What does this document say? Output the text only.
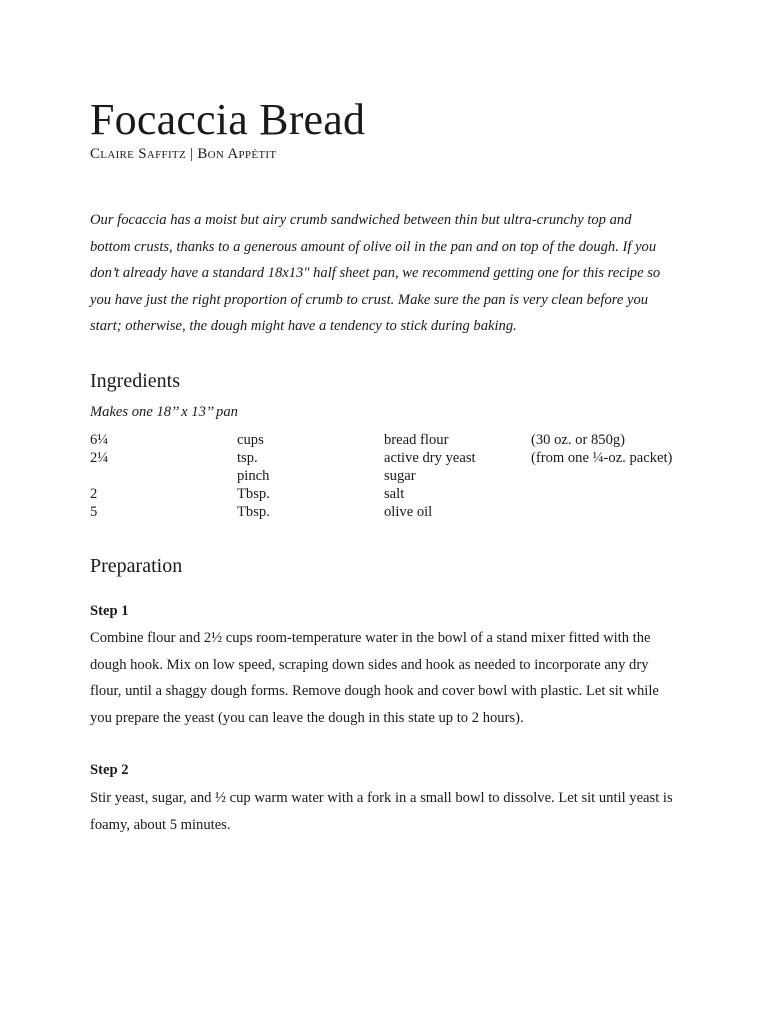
Focaccia Bread
Claire Saffitz | Bon Appétit

Our focaccia has a moist but airy crumb sandwiched between thin but ultra-crunchy top and bottom crusts, thanks to a generous amount of olive oil in the pan and on top of the dough. If you don’t already have a standard 18x13" half sheet pan, we recommend getting one for this recipe so you have just the right proportion of crumb to crust. Make sure the pan is very clean before you start; otherwise, the dough might have a tendency to stick during baking.

Ingredients
Makes one 18’’ x 13’’ pan
6¼	cups	bread flour	(30 oz. or 850g)
2¼	tsp.	active dry yeast	(from one ¼-oz. packet)
	pinch	sugar	
2	Tbsp.	salt	
5	Tbsp.	olive oil	
Preparation
Step 1

Combine flour and 2½ cups room-temperature water in the bowl of a stand mixer fitted with the dough hook. Mix on low speed, scraping down sides and hook as needed to incorporate any dry flour, until a shaggy dough forms. Remove dough hook and cover bowl with plastic. Let sit while you prepare the yeast (you can leave the dough in this state up to 2 hours).

Step 2

Stir yeast, sugar, and ½ cup warm water with a fork in a small bowl to dissolve. Let sit until yeast is foamy, about 5 minutes.
